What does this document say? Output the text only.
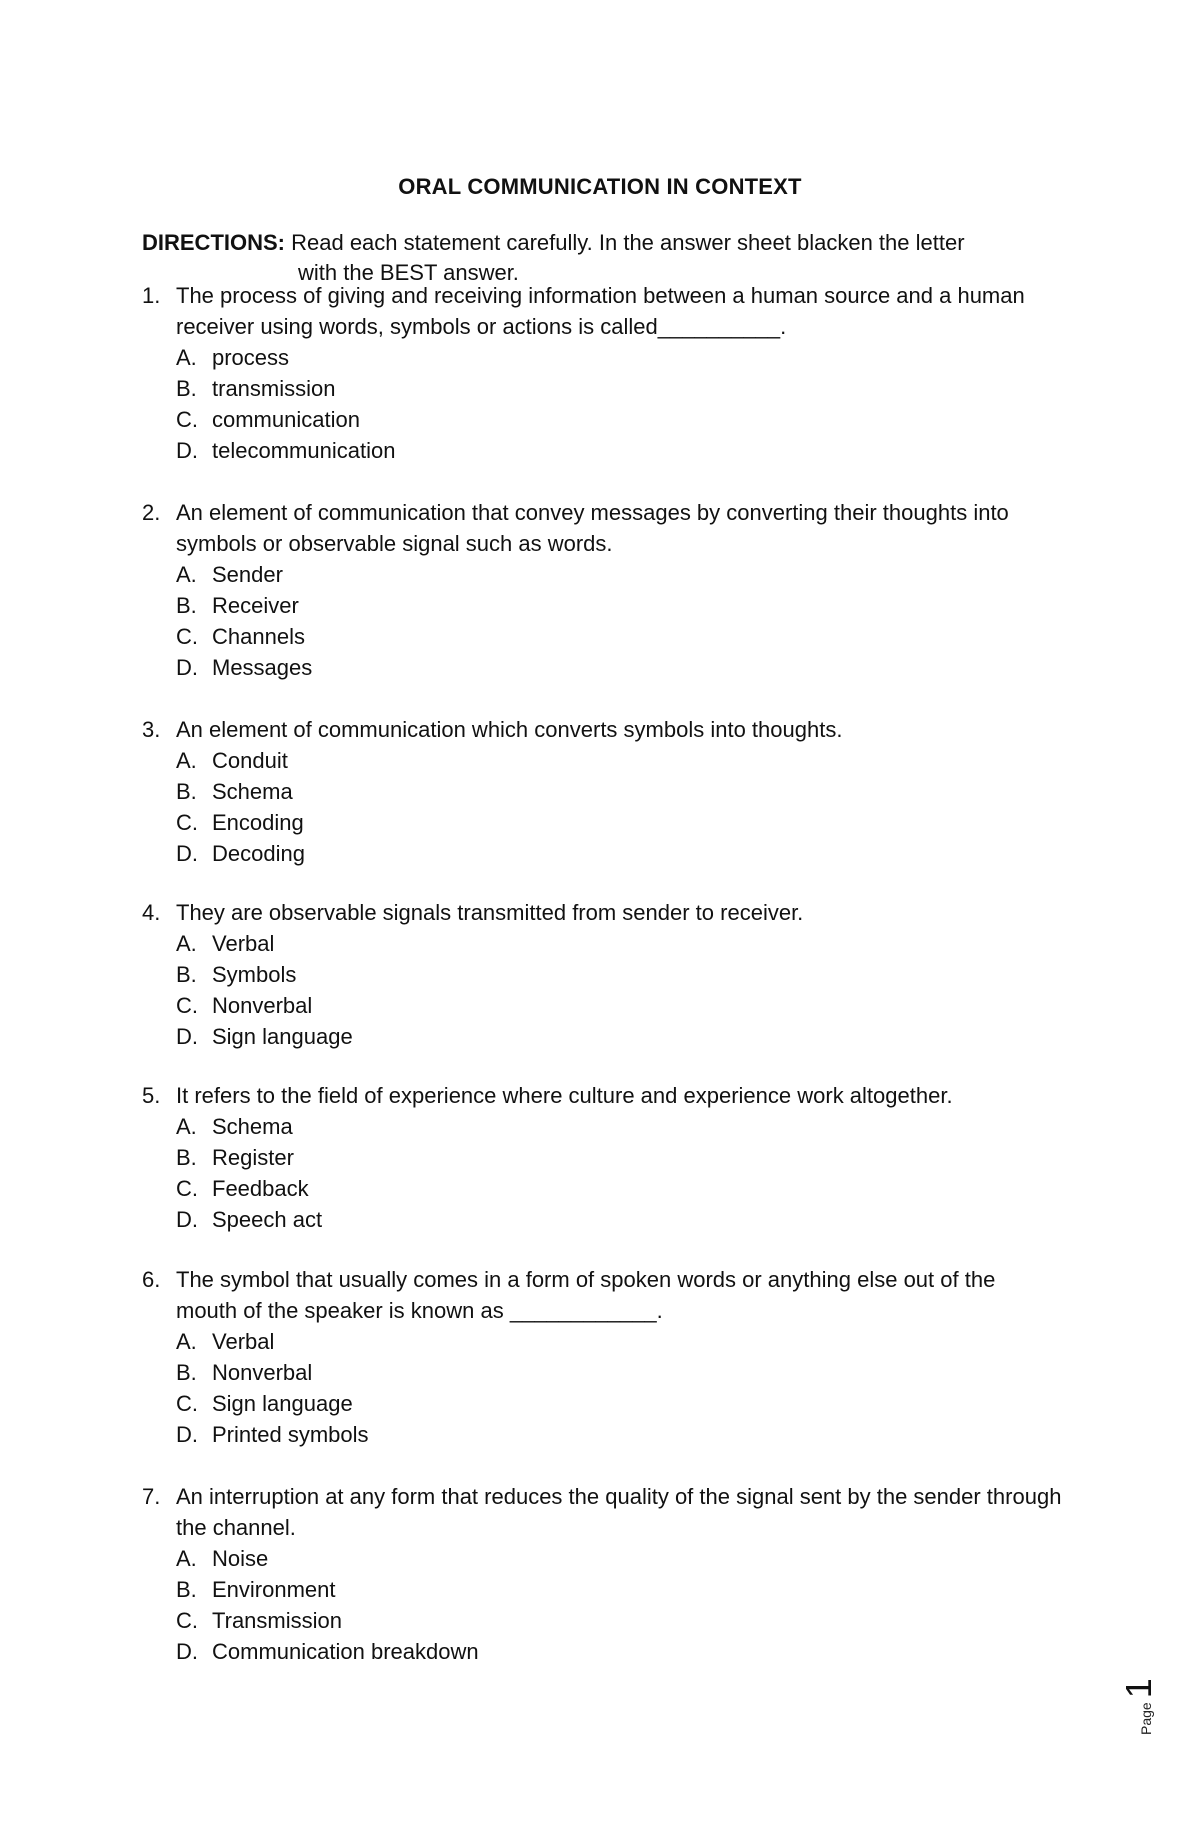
ORAL COMMUNICATION IN CONTEXT
DIRECTIONS: Read each statement carefully. In the answer sheet blacken the letter
with the BEST answer.
1. The process of giving and receiving information between a human source and a human receiver using words, symbols or actions is called__________.
A. process
B. transmission
C. communication
D. telecommunication
2. An element of communication that convey messages by converting their thoughts into symbols or observable signal such as words.
A. Sender
B. Receiver
C. Channels
D. Messages
3. An element of communication which converts symbols into thoughts.
A. Conduit
B. Schema
C. Encoding
D. Decoding
4. They are observable signals transmitted from sender to receiver.
A. Verbal
B. Symbols
C. Nonverbal
D. Sign language
5. It refers to the field of experience where culture and experience work altogether.
A. Schema
B. Register
C. Feedback
D. Speech act
6. The symbol that usually comes in a form of spoken words or anything else out of the mouth of the speaker is known as ____________.
A. Verbal
B. Nonverbal
C. Sign language
D. Printed symbols
7. An interruption at any form that reduces the quality of the signal sent by the sender through the channel.
A. Noise
B. Environment
C. Transmission
D. Communication breakdown
Page1
